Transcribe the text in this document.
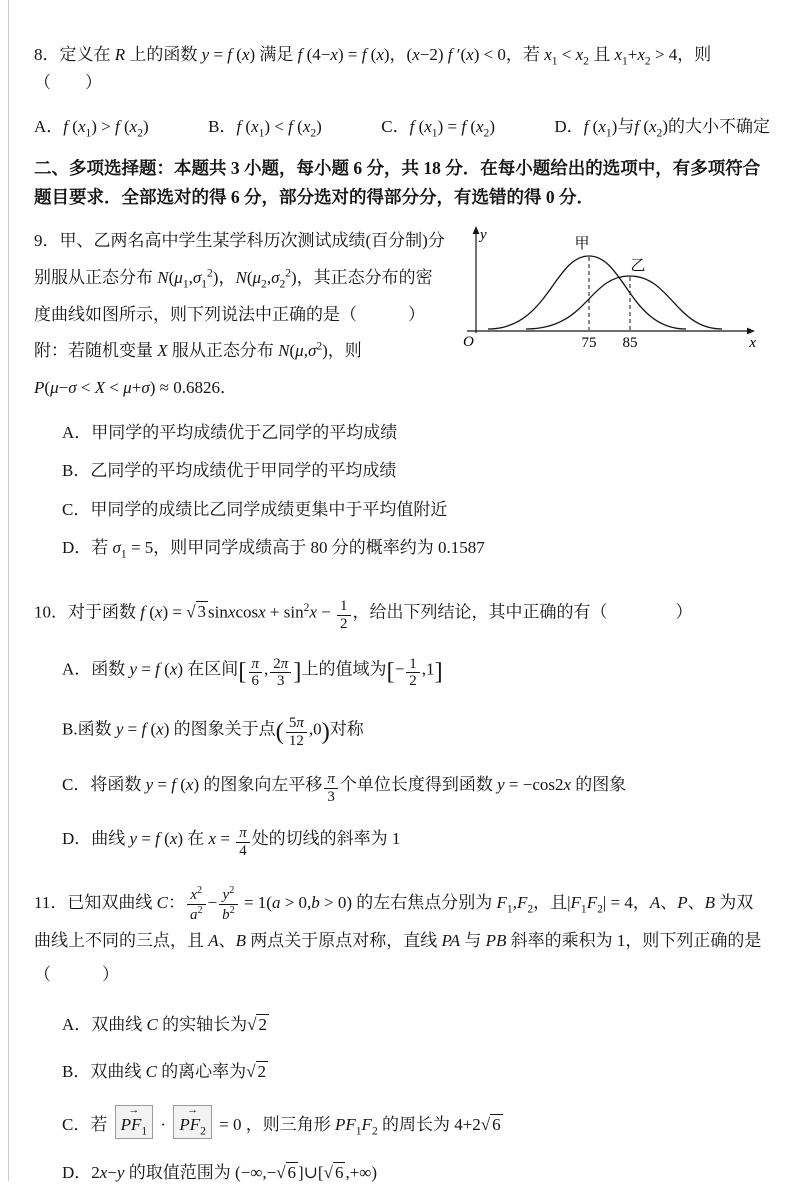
8．定义在 R 上的函数 y = f (x) 满足 f (4−x) = f (x)，(x−2) f ′(x) < 0，若 $x_1 < x_2$ 且 $x_1+x_2 > 4$，则（　　）

A．f $(x_1) > f$ $(x_2)$	B．f $(x_1) < f$ $(x_2)$	C．f $(x_1) = f$ $(x_2)$	D．f $(x_1)$与f $(x_2)$的大小不确定

二、多项选择题：本题共 3 小题，每小题 6 分，共 18 分．在每小题给出的选项中，有多项符合题目要求．全部选对的得 6 分，部分选对的得部分分，有选错的得 0 分．

y
x
O
甲
乙
75 85

9．甲、乙两名高中学生某学科历次测试成绩(百分制)分别服从正态分布 $N(\mu_1,\sigma_1^2)$，$N(\mu_2,\sigma_2^2)$，其正态分布的密度曲线如图所示，则下列说法中正确的是（　　　）

附：若随机变量 X 服从正态分布 $N(\mu,\sigma^2)$，则

P(μ−σ < X < μ+σ) ≈ 0.6826．

A．甲同学的平均成绩优于乙同学的平均成绩

B．乙同学的平均成绩优于甲同学的平均成绩

C．甲同学的成绩比乙同学成绩更集中于平均值附近

D．若 $\sigma_1 = 5$，则甲同学成绩高于 80 分的概率约为 0.1587

10．对于函数 f (x) = √ 3 sinxcosx + $\sin^2x - \frac{1}{2}$ ，给出下列结论，其中正确的有（　　　　）

A．函数 y = f (x) 在区间[ $\frac{\pi}{6}$ , $\frac{2\pi}{3}$ ]上的值域为[− $\frac{1}{2} ,1$]

B.函数 y = f (x) 的图象关于点( $\frac{5\pi}{12} ,0$)对称

C．将函数 y = f (x) 的图象向左平移 $\frac{\pi}{3}$ 个单位长度得到函数 y = −cos2x 的图象

D．曲线 y = f (x) 在 $x = \frac{\pi}{4}$ 处的切线的斜率为 1

11．已知双曲线 C： $\frac{x^2}{a^2} - \frac{y^2}{b^2} = 1(a > 0,b > 0)$ 的左右焦点分别为 $F_1,F_2$，且$|F_1F_2| = 4$，A、P、B 为双曲线上不同的三点，且 A、B 两点关于原点对称，直线 PA 与 PB 斜率的乘积为 1，则下列正确的是（　　　）

A．双曲线 C 的实轴长为√ 2

B．双曲线 C 的离心率为√ 2

C．若 → $PF_1$ · → $PF_2 = 0$ ，则三角形 $PF_1F_2$ 的周长为 4+2√ 6

D．2x−y 的取值范围为 (−∞,−√ 6 ]∪[√ 6 ,+∞)
